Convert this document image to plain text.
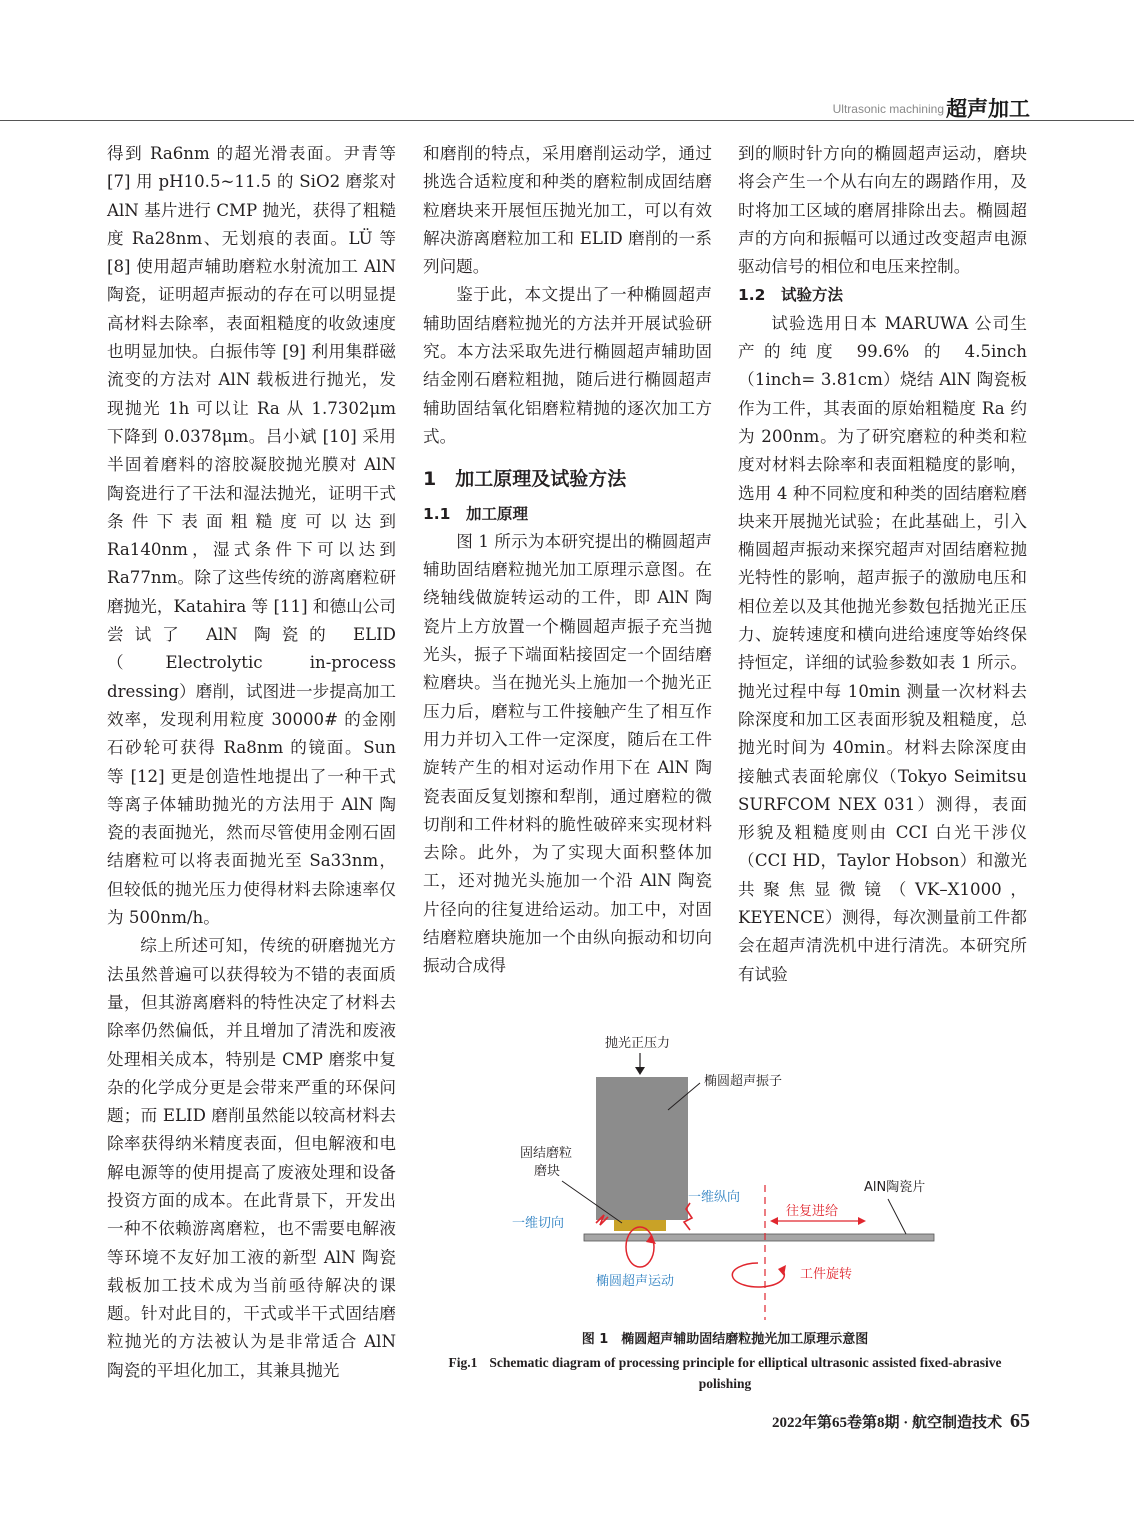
Ultrasonic machining 超声加工

得到 Ra6nm 的超光滑表面。尹青等 [7] 用 pH10.5~11.5 的 SiO2 磨浆对 AlN 基片进行 CMP 抛光，获得了粗糙度 Ra28nm、无划痕的表面。LÜ 等 [8] 使用超声辅助磨粒水射流加工 AlN 陶瓷，证明超声振动的存在可以明显提高材料去除率，表面粗糙度的收敛速度也明显加快。白振伟等 [9] 利用集群磁流变的方法对 AlN 载板进行抛光，发现抛光 1h 可以让 Ra 从 1.7302μm 下降到 0.0378μm。吕小斌 [10] 采用半固着磨料的溶胶凝胶抛光膜对 AlN 陶瓷进行了干法和湿法抛光，证明干式条件下表面粗糙度可以达到 Ra140nm，湿式条件下可以达到 Ra77nm。除了这些传统的游离磨粒研磨抛光，Katahira 等 [11] 和德山公司尝试了 AlN 陶瓷的 ELID（Electrolytic in-process dressing）磨削，试图进一步提高加工效率，发现利用粒度 30000# 的金刚石砂轮可获得 Ra8nm 的镜面。Sun 等 [12] 更是创造性地提出了一种干式等离子体辅助抛光的方法用于 AlN 陶瓷的表面抛光，然而尽管使用金刚石固结磨粒可以将表面抛光至 Sa33nm，但较低的抛光压力使得材料去除速率仅为 500nm/h。

综上所述可知，传统的研磨抛光方法虽然普遍可以获得较为不错的表面质量，但其游离磨料的特性决定了材料去除率仍然偏低，并且增加了清洗和废液处理相关成本，特别是 CMP 磨浆中复杂的化学成分更是会带来严重的环保问题；而 ELID 磨削虽然能以较高材料去除率获得纳米精度表面，但电解液和电解电源等的使用提高了废液处理和设备投资方面的成本。在此背景下，开发出一种不依赖游离磨粒，也不需要电解液等环境不友好加工液的新型 AlN 陶瓷载板加工技术成为当前亟待解决的课题。针对此目的，干式或半干式固结磨粒抛光的方法被认为是非常适合 AlN 陶瓷的平坦化加工，其兼具抛光

和磨削的特点，采用磨削运动学，通过挑选合适粒度和种类的磨粒制成固结磨粒磨块来开展恒压抛光加工，可以有效解决游离磨粒加工和 ELID 磨削的一系列问题。

鉴于此，本文提出了一种椭圆超声辅助固结磨粒抛光的方法并开展试验研究。本方法采取先进行椭圆超声辅助固结金刚石磨粒粗抛，随后进行椭圆超声辅助固结氧化铝磨粒精抛的逐次加工方式。

1 加工原理及试验方法
1.1 加工原理

图 1 所示为本研究提出的椭圆超声辅助固结磨粒抛光加工原理示意图。在绕轴线做旋转运动的工件，即 AlN 陶瓷片上方放置一个椭圆超声振子充当抛光头，振子下端面粘接固定一个固结磨粒磨块。当在抛光头上施加一个抛光正压力后，磨粒与工件接触产生了相互作用力并切入工件一定深度，随后在工件旋转产生的相对运动作用下在 AlN 陶瓷表面反复划擦和犁削，通过磨粒的微切削和工件材料的脆性破碎来实现材料去除。此外，为了实现大面积整体加工，还对抛光头施加一个沿 AlN 陶瓷片径向的往复进给运动。加工中，对固结磨粒磨块施加一个由纵向振动和切向振动合成得

到的顺时针方向的椭圆超声运动，磨块将会产生一个从右向左的踢踏作用，及时将加工区域的磨屑排除出去。椭圆超声的方向和振幅可以通过改变超声电源驱动信号的相位和电压来控制。

1.2 试验方法

试验选用日本 MARUWA 公司生产的纯度 99.6% 的 4.5inch（1inch= 3.81cm）烧结 AlN 陶瓷板作为工件，其表面的原始粗糙度 Ra 约为 200nm。为了研究磨粒的种类和粒度对材料去除率和表面粗糙度的影响，选用 4 种不同粒度和种类的固结磨粒磨块来开展抛光试验；在此基础上，引入椭圆超声振动来探究超声对固结磨粒抛光特性的影响，超声振子的激励电压和相位差以及其他抛光参数包括抛光正压力、旋转速度和横向进给速度等始终保持恒定，详细的试验参数如表 1 所示。抛光过程中每 10min 测量一次材料去除深度和加工区表面形貌及粗糙度，总抛光时间为 40min。材料去除深度由接触式表面轮廓仪（Tokyo Seimitsu SURFCOM NEX 031）测得，表面形貌及粗糙度则由 CCI 白光干涉仪（CCI HD，Taylor Hobson）和激光共聚焦显微镜（VK–X1000，KEYENCE）测得，每次测量前工件都会在超声清洗机中进行清洗。本研究所有试验

抛光正压力
椭圆超声振子
固结磨粒
磨块
AlN陶瓷片
一维切向
一维纵向
往复进给
椭圆超声运动	工件旋转
图 1　椭圆超声辅助固结磨粒抛光加工原理示意图
Fig.1 Schematic diagram of processing principle for elliptical ultrasonic assisted fixed-abrasive polishing
2022年第65卷第8期 · 航空制造技术 65
